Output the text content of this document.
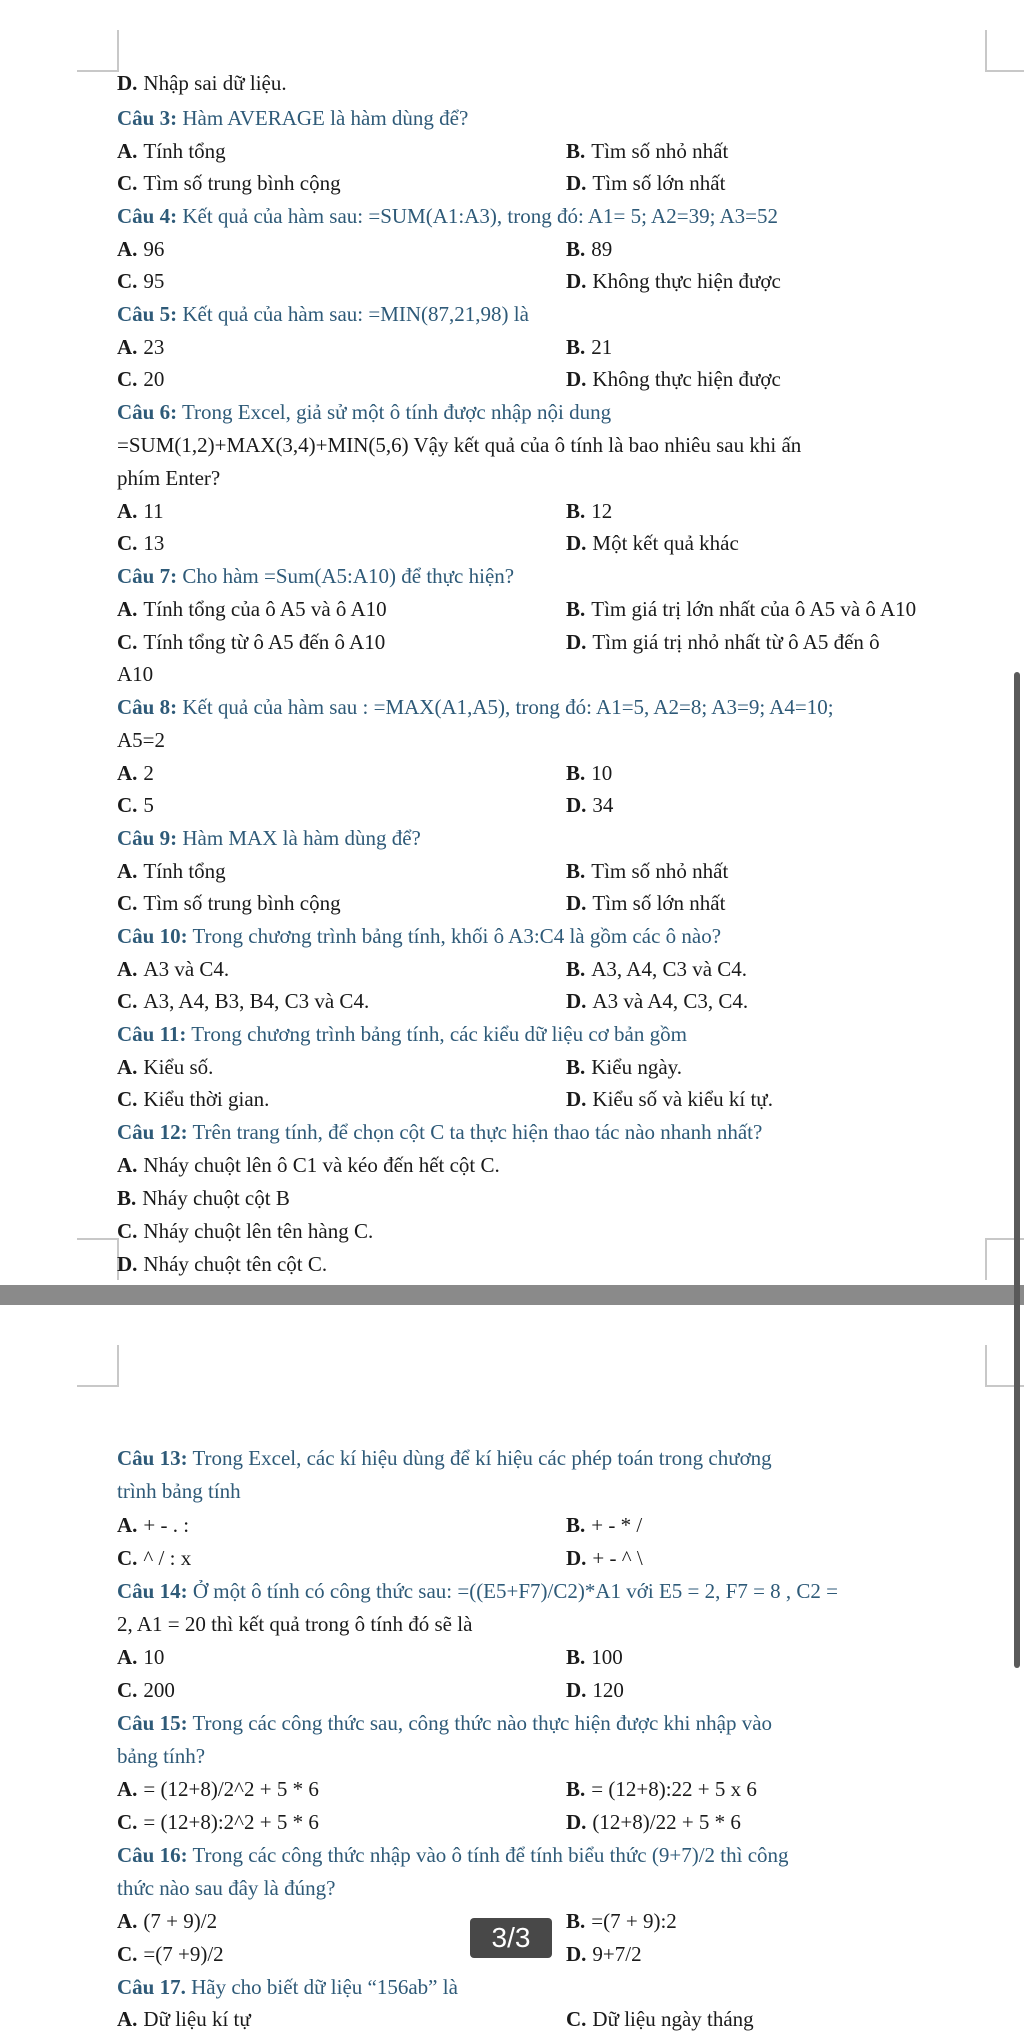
D. Nhập sai dữ liệu.
Câu 3: Hàm AVERAGE là hàm dùng để?
A. Tính tổng	B. Tìm số nhỏ nhất
C. Tìm số trung bình cộng	D. Tìm số lớn nhất
Câu 4: Kết quả của hàm sau: =SUM(A1:A3), trong đó: A1= 5; A2=39; A3=52
A. 96	B. 89
C. 95	D. Không thực hiện được
Câu 5: Kết quả của hàm sau: =MIN(87,21,98) là
A. 23	B. 21
C. 20	D. Không thực hiện được
Câu 6: Trong Excel, giả sử một ô tính được nhập nội dung
=SUM(1,2)+MAX(3,4)+MIN(5,6) Vậy kết quả của ô tính là bao nhiêu sau khi ấn
phím Enter?
A. 11	B. 12
C. 13	D. Một kết quả khác
Câu 7: Cho hàm =Sum(A5:A10) để thực hiện?
A. Tính tổng của ô A5 và ô A10	B. Tìm giá trị lớn nhất của ô A5 và ô A10
C. Tính tổng từ ô A5 đến ô A10	D. Tìm giá trị nhỏ nhất từ ô A5 đến ô
A10
Câu 8: Kết quả của hàm sau : =MAX(A1,A5), trong đó: A1=5, A2=8; A3=9; A4=10;
A5=2
A. 2	B. 10
C. 5	D. 34
Câu 9: Hàm MAX là hàm dùng để?
A. Tính tổng	B. Tìm số nhỏ nhất
C. Tìm số trung bình cộng	D. Tìm số lớn nhất
Câu 10: Trong chương trình bảng tính, khối ô A3:C4 là gồm các ô nào?
A. A3 và C4.	B. A3, A4, C3 và C4.
C. A3, A4, B3, B4, C3 và C4.	D. A3 và A4, C3, C4.
Câu 11: Trong chương trình bảng tính, các kiểu dữ liệu cơ bản gồm
A. Kiểu số.	B. Kiểu ngày.
C. Kiểu thời gian.	D. Kiểu số và kiểu kí tự.
Câu 12: Trên trang tính, để chọn cột C ta thực hiện thao tác nào nhanh nhất?
A. Nháy chuột lên ô C1 và kéo đến hết cột C.
B. Nháy chuột cột B
C. Nháy chuột lên tên hàng C.
D. Nháy chuột tên cột C.
Câu 13: Trong Excel, các kí hiệu dùng để kí hiệu các phép toán trong chương
trình bảng tính
A. + - . :	B. + - * /
C. ^ / : x	D. + - ^ \
Câu 14: Ở một ô tính có công thức sau: =((E5+F7)/C2)*A1 với E5 = 2, F7 = 8 , C2 =
2, A1 = 20 thì kết quả trong ô tính đó sẽ là
A. 10	B. 100
C. 200	D. 120
Câu 15: Trong các công thức sau, công thức nào thực hiện được khi nhập vào
bảng tính?
A. = (12+8)/2^2 + 5 * 6	B. = (12+8):22 + 5 x 6
C. = (12+8):2^2 + 5 * 6	D. (12+8)/22 + 5 * 6
Câu 16: Trong các công thức nhập vào ô tính để tính biểu thức (9+7)/2 thì công
thức nào sau đây là đúng?
A. (7 + 9)/2	B. =(7 + 9):2
C. =(7 +9)/2	D. 9+7/2
Câu 17. Hãy cho biết dữ liệu “156ab” là
A. Dữ liệu kí tự	C. Dữ liệu ngày tháng
3/3
